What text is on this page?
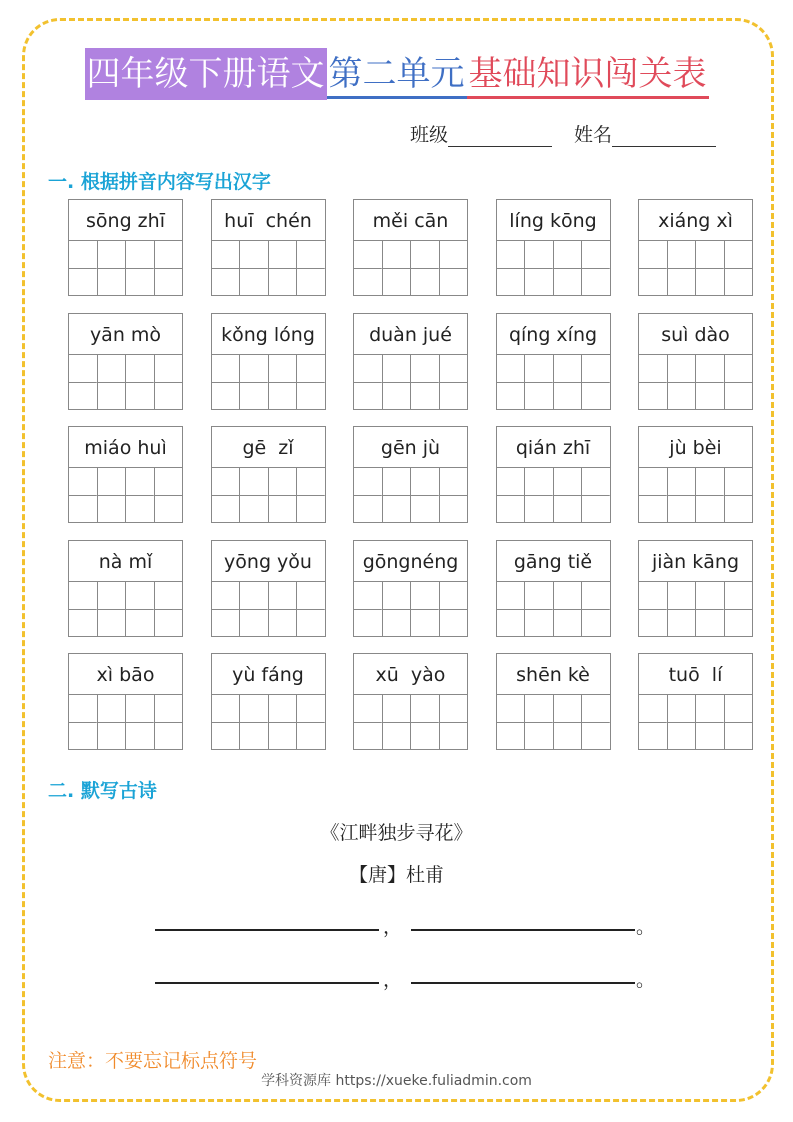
四年级下册语文 第二单元 基础知识闯关表
班级	姓名
一. 根据拼音内容写出汉字
sōng zhī	huī  chén	měi cān	líng kōng	xiáng xì
yān mò	kǒng lóng	duàn jué	qíng xíng	suì dào
miáo huì	gē  zǐ	gēn jù	qián zhī	jù bèi
nà mǐ	yōng yǒu	gōngnéng	gāng tiě	jiàn kāng
xì bāo	yù fáng	xū  yào	shēn kè	tuō  lí
二. 默写古诗
《江畔独步寻花》
【唐】杜甫
，	。
，	。
注意：不要忘记标点符号
学科资源库 https://xueke.fuliadmin.com
